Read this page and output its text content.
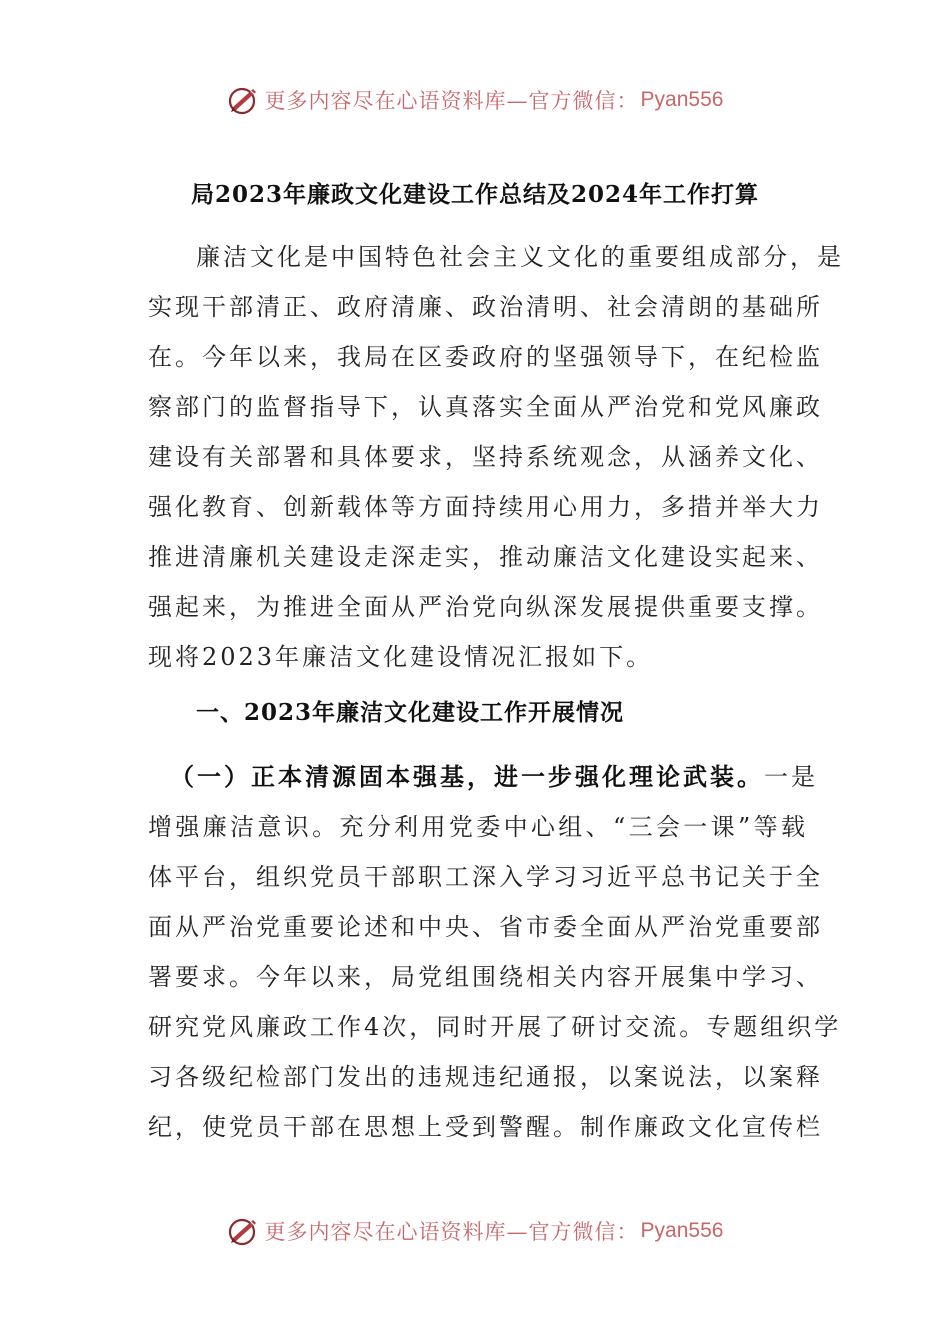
更多内容尽在心语资料库—官方微信： Pyan556
局2023年廉政文化建设工作总结及2024年工作打算
廉洁文化是中国特色社会主义文化的重要组成部分，是
实现干部清正、政府清廉、政治清明、社会清朗的基础所
在。今年以来，我局在区委政府的坚强领导下，在纪检监
察部门的监督指导下，认真落实全面从严治党和党风廉政
建设有关部署和具体要求，坚持系统观念，从涵养文化、
强化教育、创新载体等方面持续用心用力，多措并举大力
推进清廉机关建设走深走实，推动廉洁文化建设实起来、
强起来，为推进全面从严治党向纵深发展提供重要支撑。
现将2023年廉洁文化建设情况汇报如下。
一、2023年廉洁文化建设工作开展情况
（一）正本清源固本强基，进一步强化理论武装。一是
增强廉洁意识。充分利用党委中心组、“三会一课”等载
体平台，组织党员干部职工深入学习习近平总书记关于全
面从严治党重要论述和中央、省市委全面从严治党重要部
署要求。今年以来，局党组围绕相关内容开展集中学习、
研究党风廉政工作4次，同时开展了研讨交流。专题组织学
习各级纪检部门发出的违规违纪通报，以案说法，以案释
纪，使党员干部在思想上受到警醒。制作廉政文化宣传栏
更多内容尽在心语资料库—官方微信： Pyan556
